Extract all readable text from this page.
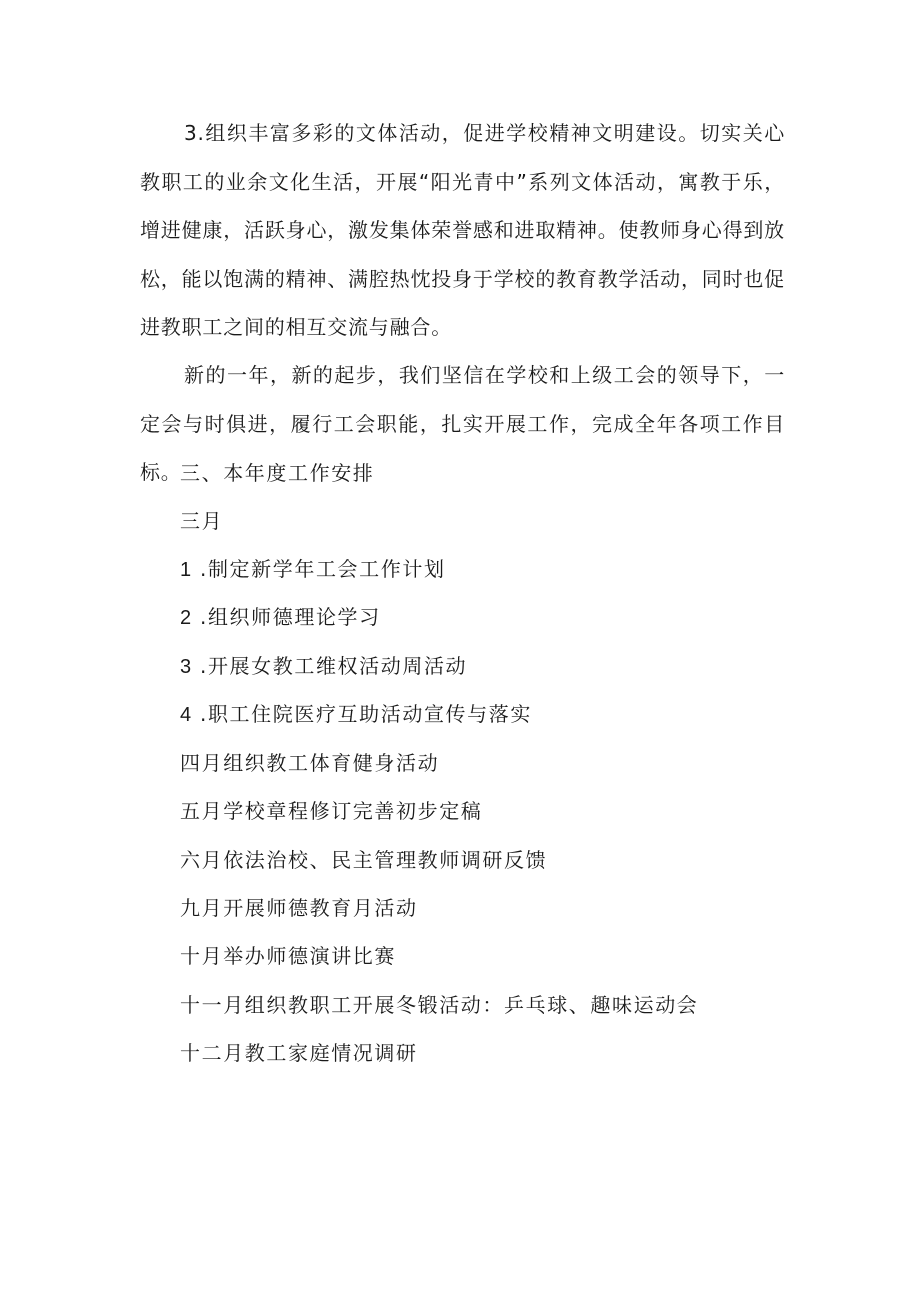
3.组织丰富多彩的文体活动，促进学校精神文明建设。切实关心教职工的业余文化生活，开展“阳光青中”系列文体活动，寓教于乐，增进健康，活跃身心，激发集体荣誉感和进取精神。使教师身心得到放松，能以饱满的精神、满腔热忱投身于学校的教育教学活动，同时也促进教职工之间的相互交流与融合。

新的一年，新的起步，我们坚信在学校和上级工会的领导下，一定会与时俱进，履行工会职能，扎实开展工作，完成全年各项工作目标。

三、本年度工作安排

三月

1 .制定新学年工会工作计划

2 .组织师德理论学习

3 .开展女教工维权活动周活动

4 .职工住院医疗互助活动宣传与落实

四月组织教工体育健身活动

五月学校章程修订完善初步定稿

六月依法治校、民主管理教师调研反馈

九月开展师德教育月活动

十月举办师德演讲比赛

十一月组织教职工开展冬锻活动：乒乓球、趣味运动会

十二月教工家庭情况调研
